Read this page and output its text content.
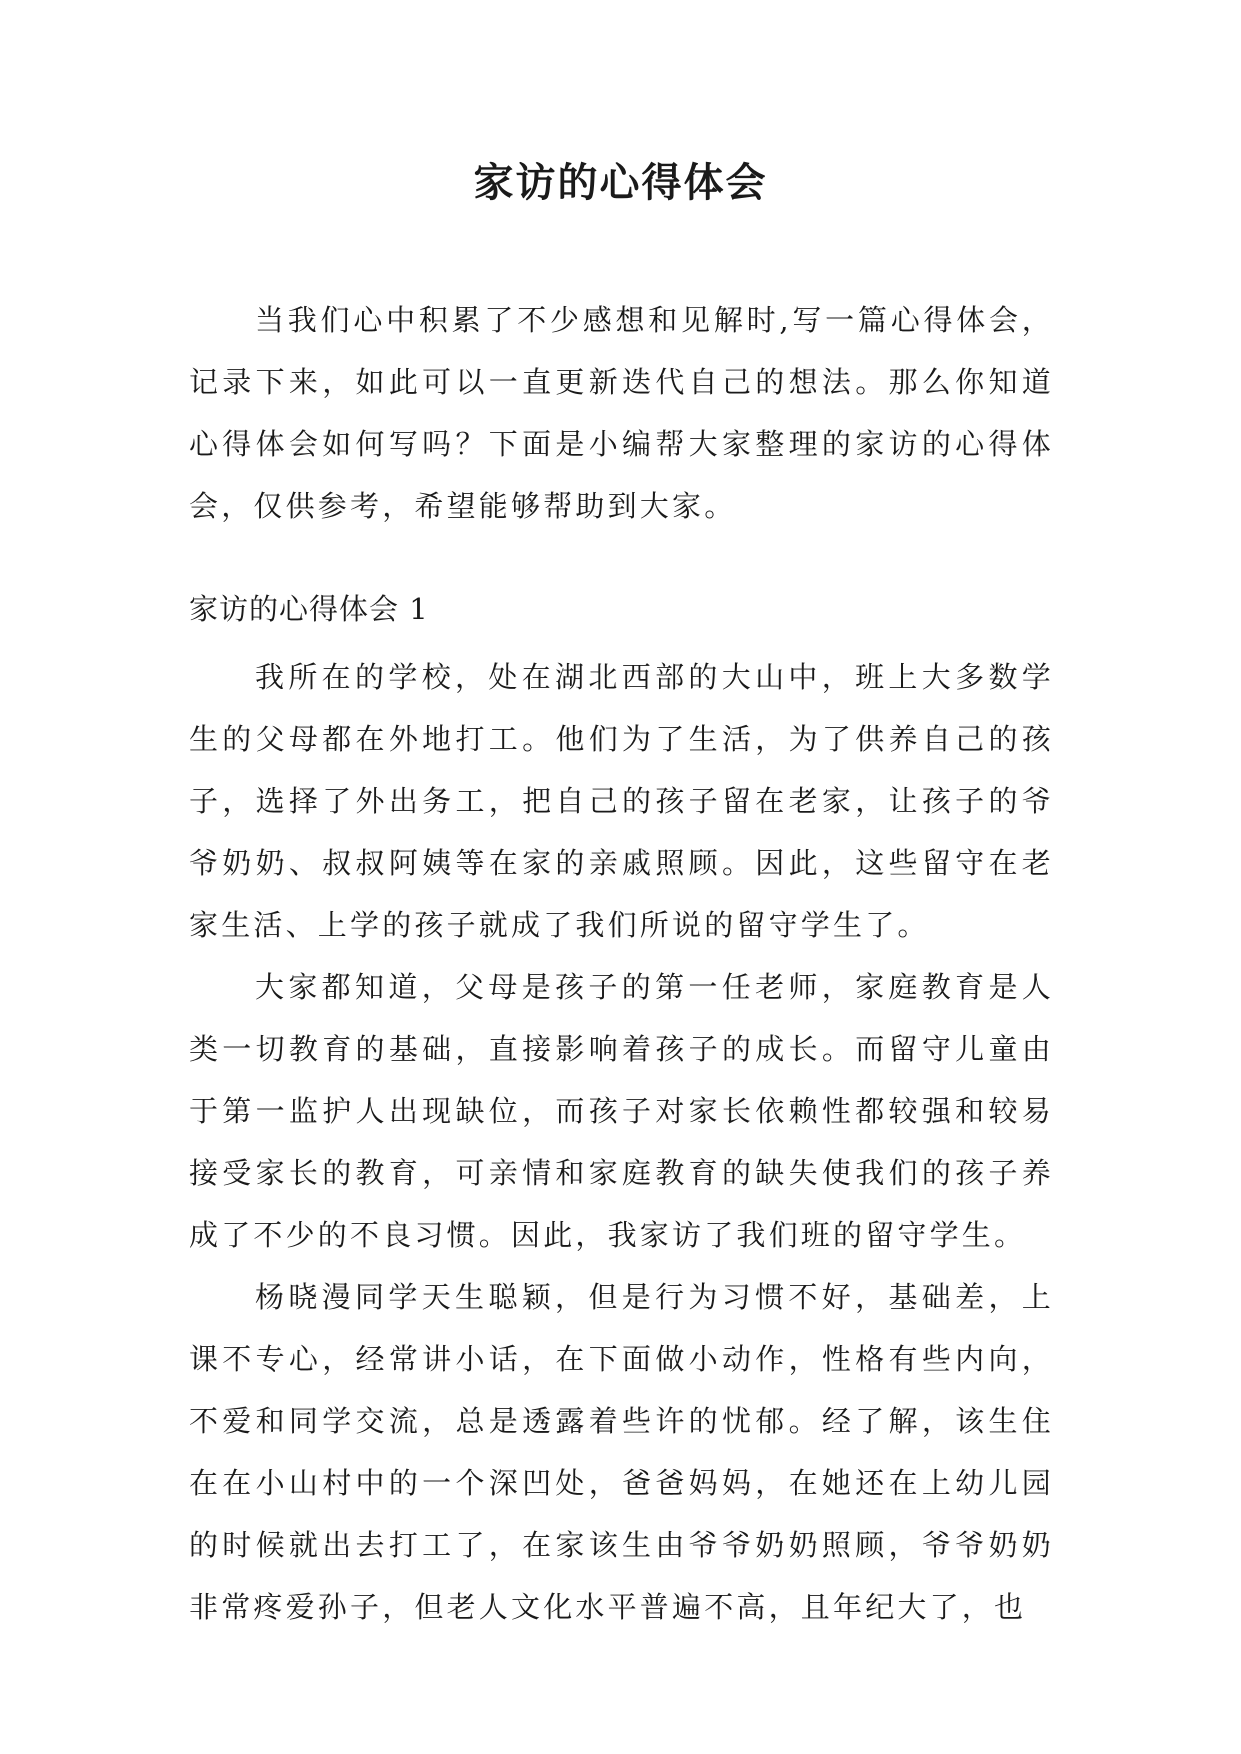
家访的心得体会

当我们心中积累了不少感想和见解时,写一篇心得体会，记录下来，如此可以一直更新迭代自己的想法。那么你知道心得体会如何写吗？下面是小编帮大家整理的家访的心得体会，仅供参考，希望能够帮助到大家。

家访的心得体会 1

我所在的学校，处在湖北西部的大山中，班上大多数学生的父母都在外地打工。他们为了生活，为了供养自己的孩子，选择了外出务工，把自己的孩子留在老家，让孩子的爷爷奶奶、叔叔阿姨等在家的亲戚照顾。因此，这些留守在老家生活、上学的孩子就成了我们所说的留守学生了。

大家都知道，父母是孩子的第一任老师，家庭教育是人类一切教育的基础，直接影响着孩子的成长。而留守儿童由于第一监护人出现缺位，而孩子对家长依赖性都较强和较易接受家长的教育，可亲情和家庭教育的缺失使我们的孩子养成了不少的不良习惯。因此，我家访了我们班的留守学生。

杨晓漫同学天生聪颖，但是行为习惯不好，基础差，上课不专心，经常讲小话，在下面做小动作，性格有些内向，不爱和同学交流，总是透露着些许的忧郁。经了解，该生住在在小山村中的一个深凹处，爸爸妈妈，在她还在上幼儿园的时候就出去打工了，在家该生由爷爷奶奶照顾，爷爷奶奶非常疼爱孙子，但老人文化水平普遍不高，且年纪大了，也
